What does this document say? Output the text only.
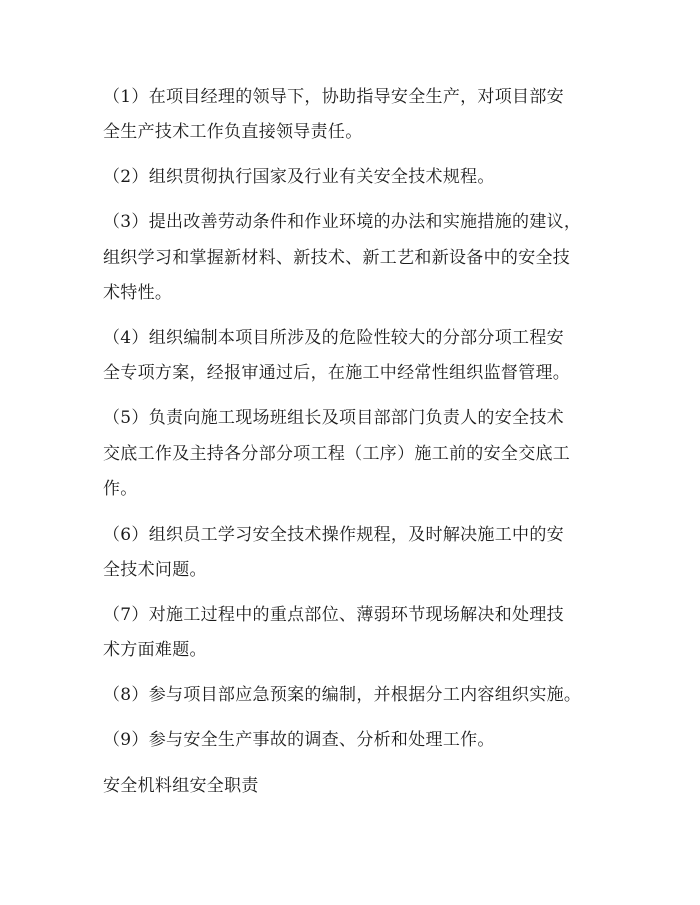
（1）在项目经理的领导下，协助指导安全生产，对项目部安
全生产技术工作负直接领导责任。
（2）组织贯彻执行国家及行业有关安全技术规程。
（3）提出改善劳动条件和作业环境的办法和实施措施的建议，
组织学习和掌握新材料、新技术、新工艺和新设备中的安全技
术特性。
（4）组织编制本项目所涉及的危险性较大的分部分项工程安
全专项方案，经报审通过后，在施工中经常性组织监督管理。
（5）负责向施工现场班组长及项目部部门负责人的安全技术
交底工作及主持各分部分项工程（工序）施工前的安全交底工
作。
（6）组织员工学习安全技术操作规程，及时解决施工中的安
全技术问题。
（7）对施工过程中的重点部位、薄弱环节现场解决和处理技
术方面难题。
（8）参与项目部应急预案的编制，并根据分工内容组织实施。
（9）参与安全生产事故的调查、分析和处理工作。
安全机料组安全职责
